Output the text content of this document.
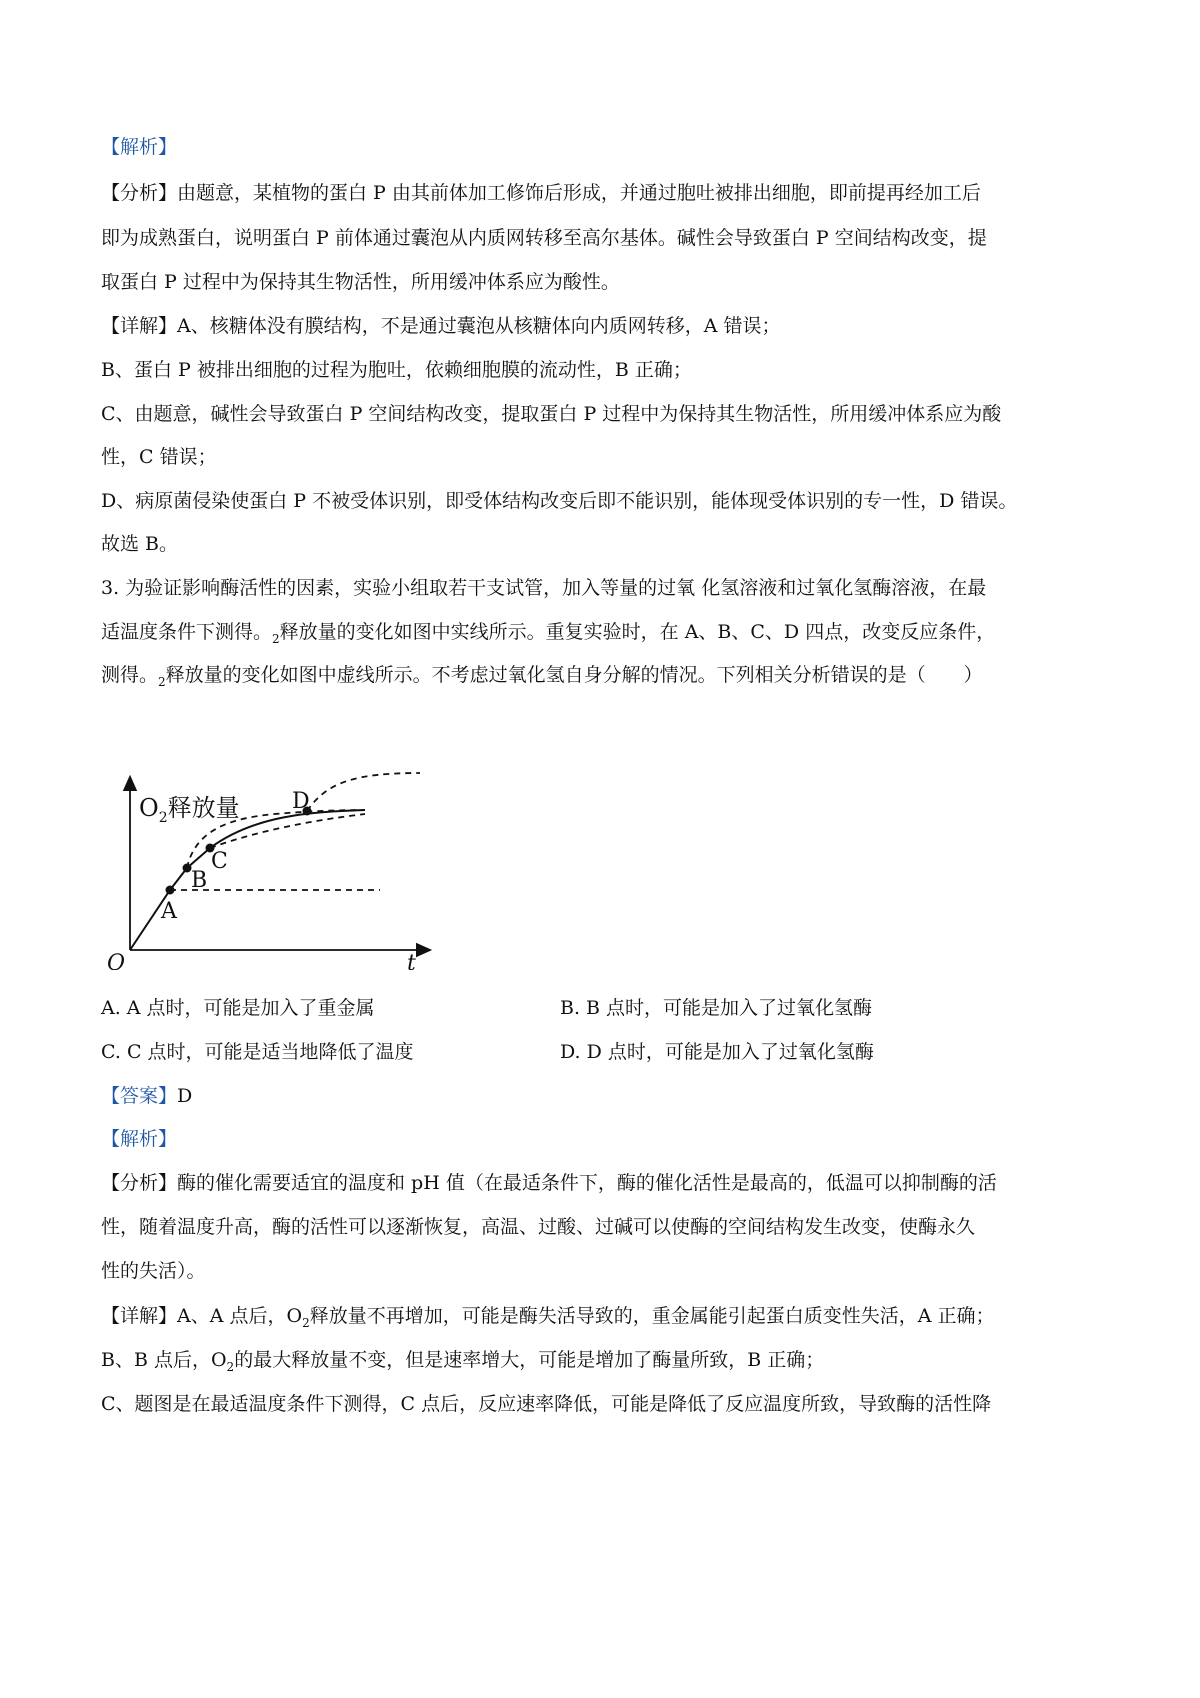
【解析】
【分析】由题意，某植物的蛋白 P 由其前体加工修饰后形成，并通过胞吐被排出细胞，即前提再经加工后
即为成熟蛋白，说明蛋白 P 前体通过囊泡从内质网转移至高尔基体。碱性会导致蛋白 P 空间结构改变，提
取蛋白 P 过程中为保持其生物活性，所用缓冲体系应为酸性。
【详解】A、核糖体没有膜结构，不是通过囊泡从核糖体向内质网转移，A 错误；
B、蛋白 P 被排出细胞的过程为胞吐，依赖细胞膜的流动性，B 正确；
C、由题意，碱性会导致蛋白 P 空间结构改变，提取蛋白 P 过程中为保持其生物活性，所用缓冲体系应为酸
性，C 错误；
D、病原菌侵染使蛋白 P 不被受体识别，即受体结构改变后即不能识别，能体现受体识别的专一性，D 错误。
故选 B。
3. 为验证影响酶活性的因素，实验小组取若干支试管，加入等量的过氧 化氢溶液和过氧化氢酶溶液，在最
适温度条件下测得。2释放量的变化如图中实线所示。重复实验时，在 A、B、C、D 四点，改变反应条件，
测得。2释放量的变化如图中虚线所示。不考虑过氧化氢自身分解的情况。下列相关分析错误的是（　　）
$O_2$释放量
t
O
A
B
C
D
A. A 点时，可能是加入了重金属	B. B 点时，可能是加入了过氧化氢酶
C. C 点时，可能是适当地降低了温度	D. D 点时，可能是加入了过氧化氢酶
【答案】D
【解析】
【分析】酶的催化需要适宜的温度和 pH 值（在最适条件下，酶的催化活性是最高的，低温可以抑制酶的活
性，随着温度升高，酶的活性可以逐渐恢复，高温、过酸、过碱可以使酶的空间结构发生改变，使酶永久
性的失活）。
【详解】A、A 点后，O2释放量不再增加，可能是酶失活导致的，重金属能引起蛋白质变性失活，A 正确；
B、B 点后，O2的最大释放量不变，但是速率增大，可能是增加了酶量所致，B 正确；
C、题图是在最适温度条件下测得，C 点后，反应速率降低，可能是降低了反应温度所致，导致酶的活性降
